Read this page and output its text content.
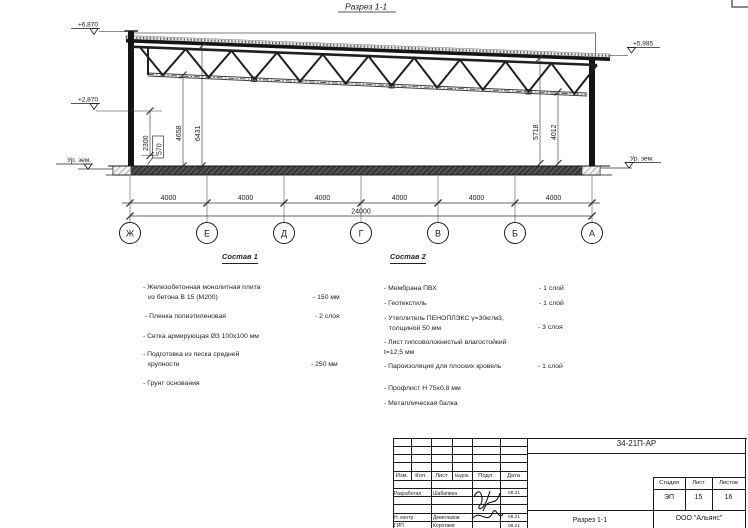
Разрез 1-1
+6,870
+2,870
Ур. зем.
+5,985
Ур. зем.
2300 570
4658 6431	5718 4012
4000	4000	4000	4000	4000	4000
24000
Ж	Е	Д	Г	В	Б	А
Состав 1
- Железобетонная монолитная плита
из бетона В 15 (М200)	- 150 мм
- Пленка полиэтиленовая	- 2 слоя
- Сетка армирующая Ø3 100х100 мм
- Подготовка из песка средней
крупности	- 250 мм
- Грунт основания
Состав 2
- Мембрана ПВХ	- 1 слой
- Геотекстиль	- 1 слой
- Утеплитель ПЕНОПЛЭКС γ=30кг/м3,
толщиной 50 мм	- 3 слоя
- Лист гипсоволокнистый влагостойкий
t=12,5 мм
- Пароизоляция для плоских кровель	- 1 слой
- Профлист Н 75х0,8 мм
- Металлическая балка
34-21П-АР
Изм.	Кол.	Лист	№док.	Подл.	Дата
Разработал	Шабалина	08.21
Н. контр.	Девеглазов	08.21
ГИП	Коротаев	08.21
Стадия	Лист	Листов
ЭП	15	16
Разрез 1-1	ООО "Альянс"
